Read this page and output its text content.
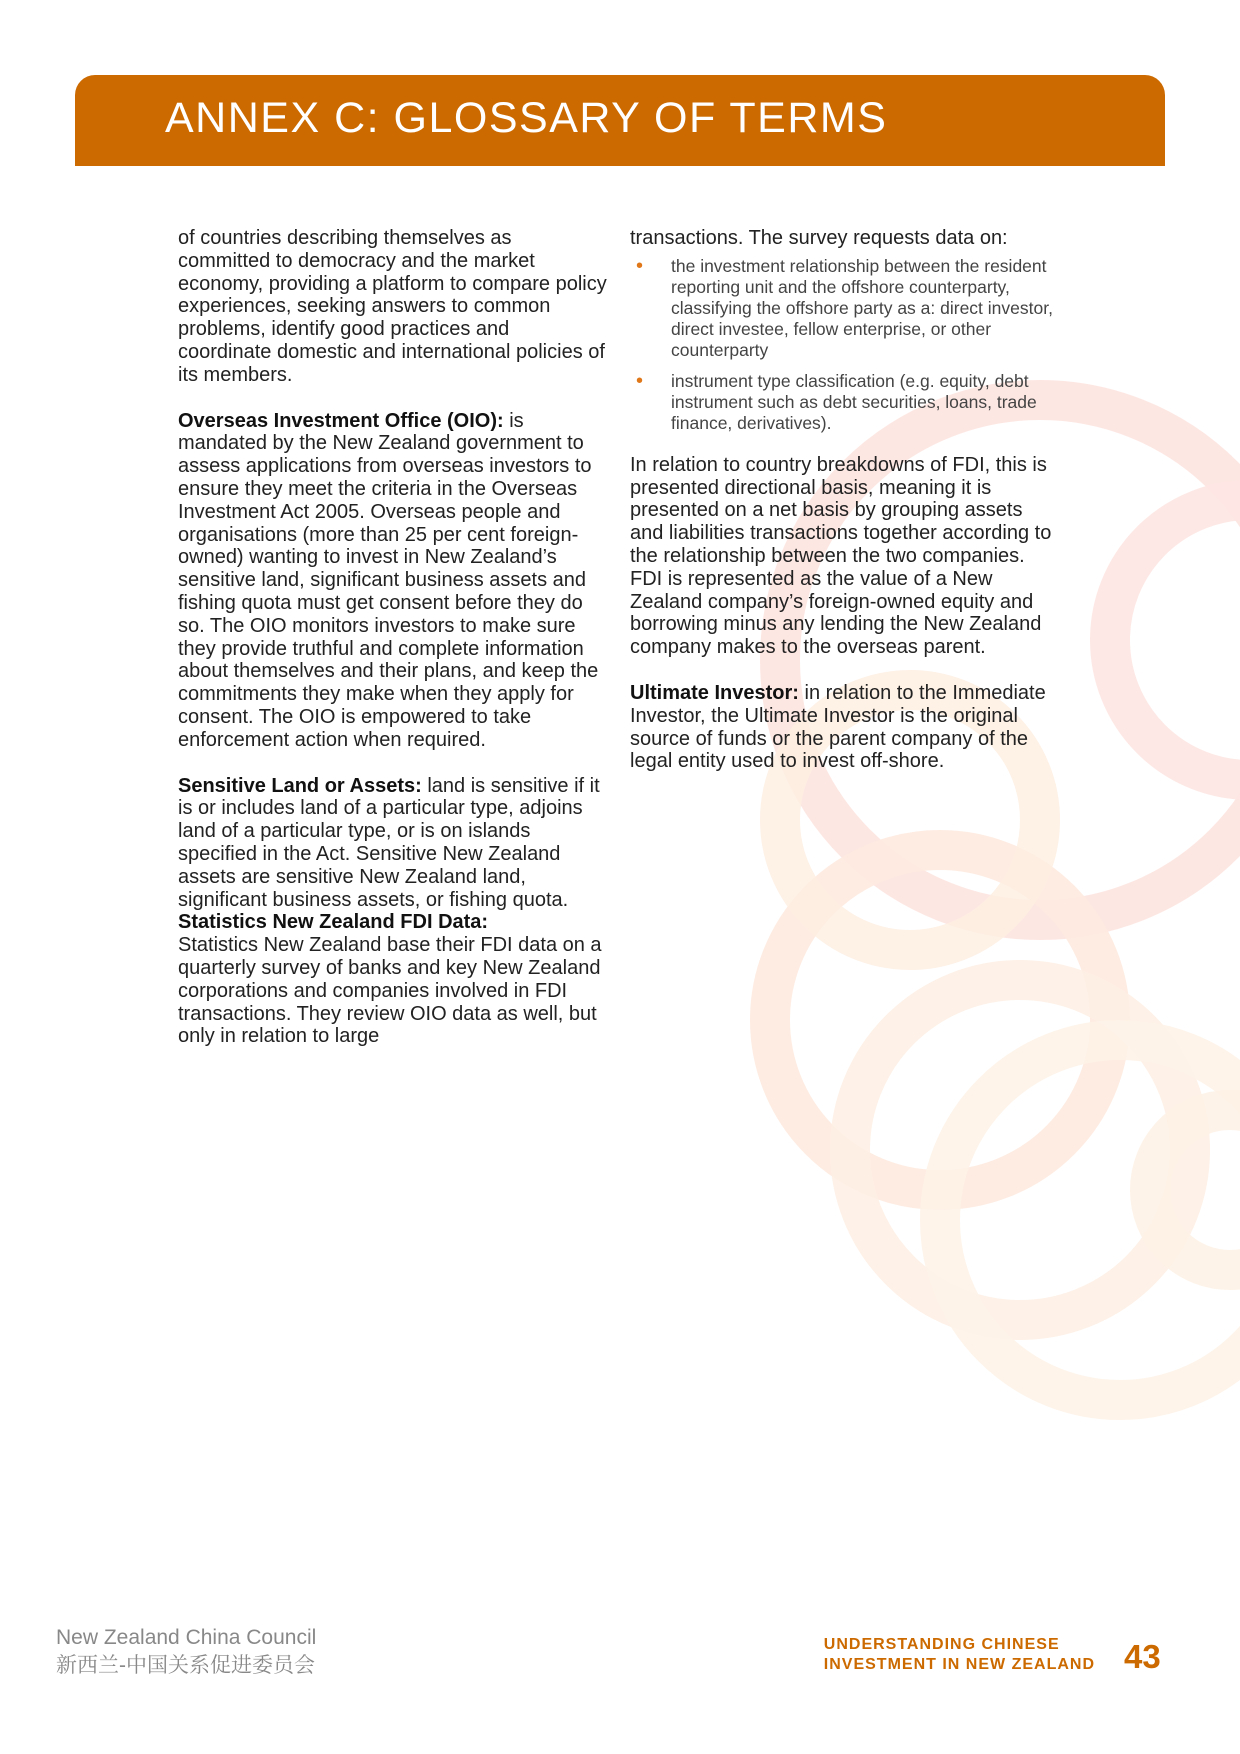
ANNEX C: GLOSSARY OF TERMS

of countries describing themselves as committed to democracy and the market economy, providing a platform to compare policy experiences, seeking answers to common problems, identify good practices and coordinate domestic and international policies of its members.

Overseas Investment Office (OIO): is mandated by the New Zealand government to assess applications from overseas investors to ensure they meet the criteria in the Overseas Investment Act 2005. Overseas people and organisations (more than 25 per cent foreign-owned) wanting to invest in New Zealand’s sensitive land, significant business assets and fishing quota must get consent before they do so. The OIO monitors investors to make sure they provide truthful and complete information about themselves and their plans, and keep the commitments they make when they apply for consent. The OIO is empowered to take enforcement action when required.

Sensitive Land or Assets: land is sensitive if it is or includes land of a particular type, adjoins land of a particular type, or is on islands specified in the Act. Sensitive New Zealand assets are sensitive New Zealand land, significant business assets, or fishing quota.

Statistics New Zealand FDI Data:
Statistics New Zealand base their FDI data on a quarterly survey of banks and key New Zealand corporations and companies involved in FDI transactions. They review OIO data as well, but only in relation to large

transactions. The survey requests data on:

• the investment relationship between the resident reporting unit and the offshore counterparty, classifying the offshore party as a: direct investor, direct investee, fellow enterprise, or other counterparty
• instrument type classification (e.g. equity, debt instrument such as debt securities, loans, trade finance, derivatives).

In relation to country breakdowns of FDI, this is presented directional basis, meaning it is presented on a net basis by grouping assets and liabilities transactions together according to the relationship between the two companies. FDI is represented as the value of a New Zealand company’s foreign-owned equity and borrowing minus any lending the New Zealand company makes to the overseas parent.

Ultimate Investor: in relation to the Immediate Investor, the Ultimate Investor is the original source of funds or the parent company of the legal entity used to invest off-shore.

New Zealand China Council
新西兰-中国关系促进委员会
UNDERSTANDING CHINESE
INVESTMENT IN NEW ZEALAND 43
